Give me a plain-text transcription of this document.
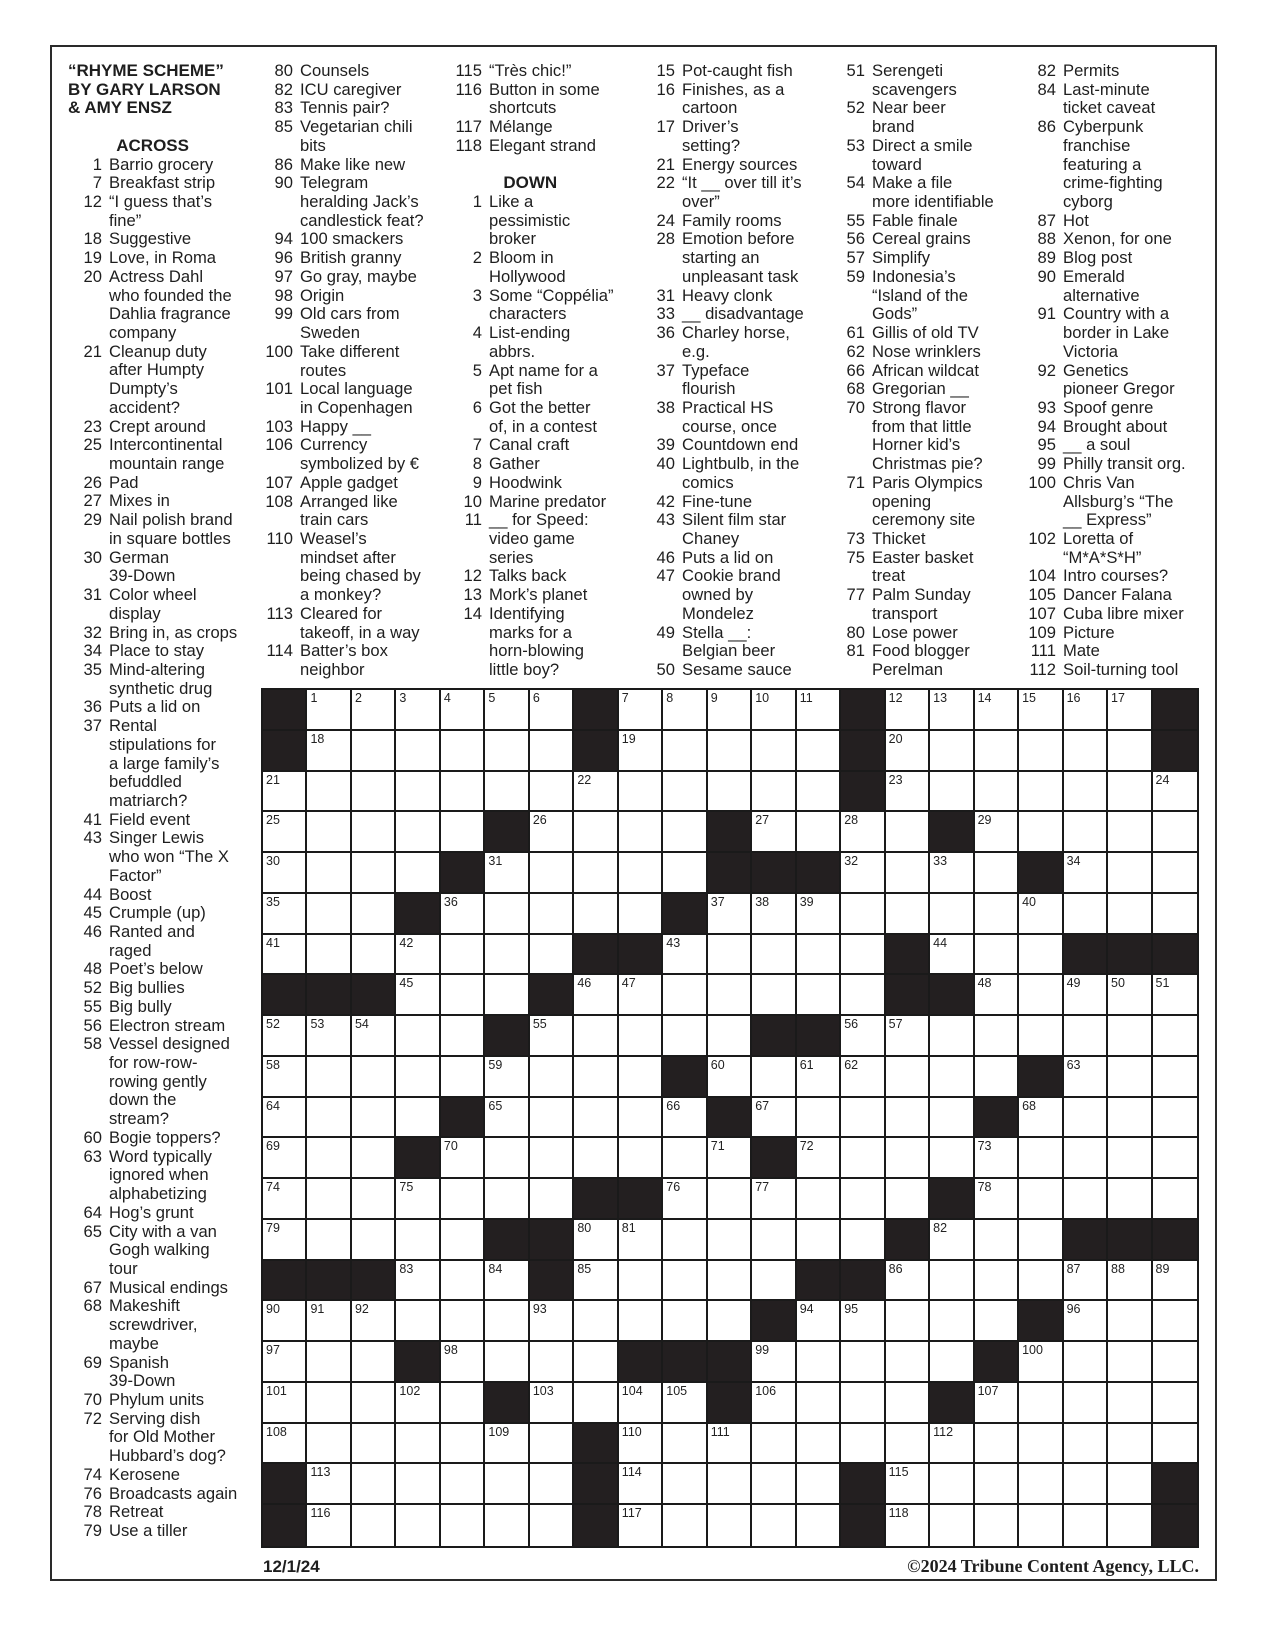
“RHYME SCHEME”
BY GARY LARSON
& AMY ENSZ
ACROSS
1 Barrio grocery
7 Breakfast strip
12 “I guess that’s
fine”
18 Suggestive
19 Love, in Roma
20 Actress Dahl
who founded the
Dahlia fragrance
company
21 Cleanup duty
after Humpty
Dumpty’s
accident?
23 Crept around
25 Intercontinental
mountain range
26 Pad
27 Mixes in
29 Nail polish brand
in square bottles
30 German
39-Down
31 Color wheel
display
32 Bring in, as crops
34 Place to stay
35 Mind-altering
synthetic drug
36 Puts a lid on
37 Rental
stipulations for
a large family’s
befuddled
matriarch?
41 Field event
43 Singer Lewis
who won “The X
Factor”
44 Boost
45 Crumple (up)
46 Ranted and
raged
48 Poet’s below
52 Big bullies
55 Big bully
56 Electron stream
58 Vessel designed
for row-row-
rowing gently
down the
stream?
60 Bogie toppers?
63 Word typically
ignored when
alphabetizing
64 Hog’s grunt
65 City with a van
Gogh walking
tour
67 Musical endings
68 Makeshift
screwdriver,
maybe
69 Spanish
39-Down
70 Phylum units
72 Serving dish
for Old Mother
Hubbard’s dog?
74 Kerosene
76 Broadcasts again
78 Retreat
79 Use a tiller
80 Counsels
82 ICU caregiver
83 Tennis pair?
85 Vegetarian chili
bits
86 Make like new
90 Telegram
heralding Jack’s
candlestick feat?
94 100 smackers
96 British granny
97 Go gray, maybe
98 Origin
99 Old cars from
Sweden
100 Take different
routes
101 Local language
in Copenhagen
103 Happy __
106 Currency
symbolized by €
107 Apple gadget
108 Arranged like
train cars
110 Weasel’s
mindset after
being chased by
a monkey?
113 Cleared for
takeoff, in a way
114 Batter’s box
neighbor
115 “Très chic!”
116 Button in some
shortcuts
117 Mélange
118 Elegant strand
DOWN
1 Like a
pessimistic
broker
2 Bloom in
Hollywood
3 Some “Coppélia”
characters
4 List-ending
abbrs.
5 Apt name for a
pet fish
6 Got the better
of, in a contest
7 Canal craft
8 Gather
9 Hoodwink
10 Marine predator
11 __ for Speed:
video game
series
12 Talks back
13 Mork’s planet
14 Identifying
marks for a
horn-blowing
little boy?
15 Pot-caught fish
16 Finishes, as a
cartoon
17 Driver’s
setting?
21 Energy sources
22 “It __ over till it’s
over”
24 Family rooms
28 Emotion before
starting an
unpleasant task
31 Heavy clonk
33 __ disadvantage
36 Charley horse,
e.g.
37 Typeface
flourish
38 Practical HS
course, once
39 Countdown end
40 Lightbulb, in the
comics
42 Fine-tune
43 Silent film star
Chaney
46 Puts a lid on
47 Cookie brand
owned by
Mondelez
49 Stella __:
Belgian beer
50 Sesame sauce
51 Serengeti
scavengers
52 Near beer
brand
53 Direct a smile
toward
54 Make a file
more identifiable
55 Fable finale
56 Cereal grains
57 Simplify
59 Indonesia’s
“Island of the
Gods”
61 Gillis of old TV
62 Nose wrinklers
66 African wildcat
68 Gregorian __
70 Strong flavor
from that little
Horner kid’s
Christmas pie?
71 Paris Olympics
opening
ceremony site
73 Thicket
75 Easter basket
treat
77 Palm Sunday
transport
80 Lose power
81 Food blogger
Perelman
82 Permits
84 Last-minute
ticket caveat
86 Cyberpunk
franchise
featuring a
crime-fighting
cyborg
87 Hot
88 Xenon, for one
89 Blog post
90 Emerald
alternative
91 Country with a
border in Lake
Victoria
92 Genetics
pioneer Gregor
93 Spoof genre
94 Brought about
95 __ a soul
99 Philly transit org.
100 Chris Van
Allsburg’s “The
__ Express”
102 Loretta of
“M*A*S*H”
104 Intro courses?
105 Dancer Falana
107 Cuba libre mixer
109 Picture
111 Mate
112 Soil-turning tool
1	2	3	4	5	6	7	8	9	10 11	12 13 14 15 16 17
18	19	20
21	22	23	24
25	26	27	28	29
30	31	32	33	34
35	36	37 38 39	40
41	42	43	44
45	46 47	48	49 50 51
52 53 54	55	56 57
58	59	60	61 62	63
64	65	66	67	68
69	70	71	72	73
74	75	76	77	78
79	80 81	82
83	84	85	86	87 88 89
90 91 92	93	94 95	96
97	98	99	100
101	102	103	104 105	106	107
108	109	110	111	112
113	114	115
116	117	118
12/1/24	©2024 Tribune Content Agency, LLC.
